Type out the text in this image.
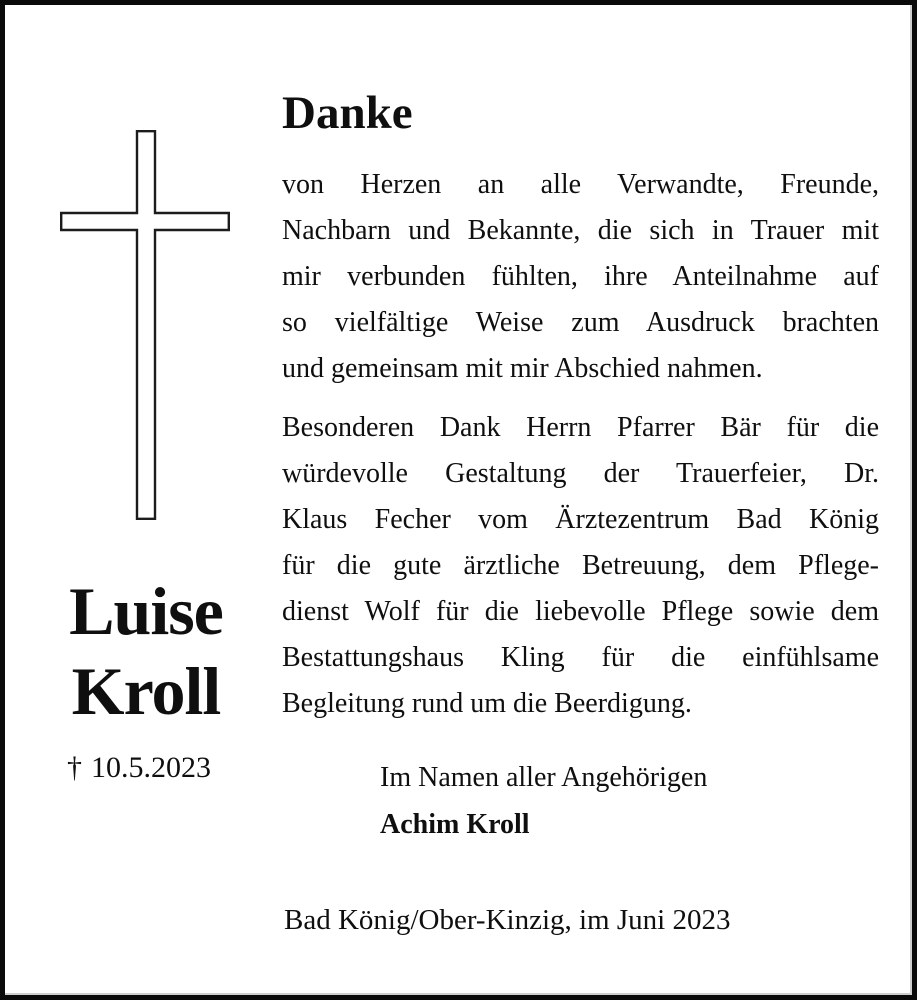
Luise
Kroll
† 10.5.2023
Danke
von Herzen an alle Verwandte, Freunde,
Nachbarn und Bekannte, die sich in Trauer mit
mir verbunden fühlten, ihre Anteilnahme auf
so vielfältige Weise zum Ausdruck brachten
und gemeinsam mit mir Abschied nahmen.
Besonderen Dank Herrn Pfarrer Bär für die
würdevolle Gestaltung der Trauerfeier, Dr.
Klaus Fecher vom Ärztezentrum Bad König
für die gute ärztliche Betreuung, dem Pflege-
dienst Wolf für die liebevolle Pflege sowie dem
Bestattungshaus Kling für die einfühlsame
Begleitung rund um die Beerdigung.
Im Namen aller Angehörigen
Achim Kroll
Bad König/Ober-Kinzig, im Juni 2023
